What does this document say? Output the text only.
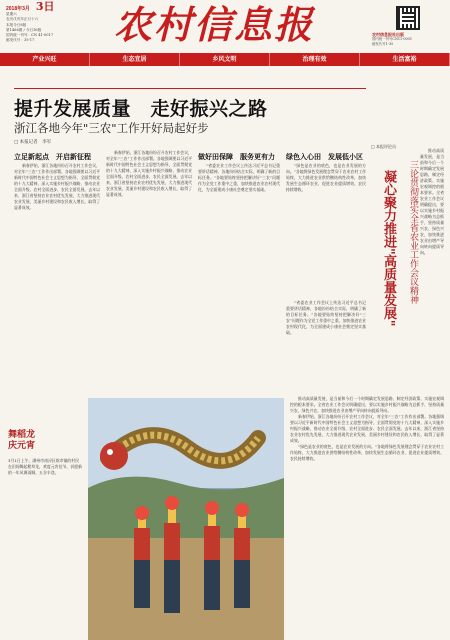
2018年3月 3日
星期六
农历戊戌年正月十六
本报今日8版
第1466期 / 今日16版
国内统一刊号：CN 41-0017
邮发代号：35-17	农村信息报	农村信息报社出版
国内统一刊号CN11-0001
邮发代号1-35
产业兴旺	生态宜居	乡风文明	治理有效	生活富裕
提升发展质量　走好振兴之路
浙江各地今年"三农"工作开好局起好步
□ 本报记者　李军
立足新起点　开启新征程

新春伊始，浙江各地纷纷召开农村工作会议，对全年“三农”工作作出部署。各地强调要以习近平新时代中国特色社会主义思想为指导，全面贯彻党的十九大精神，深入实施乡村振兴战略，推动农业全面升级、农村全面进步、农民全面发展。去年以来，浙江省坚持农业农村优先发展，大力推进现代农业发展、美丽乡村建设和农民收入增长，取得了显著成效。

新春伊始，浙江各地纷纷召开农村工作会议，对全年“三农”工作作出部署。各地强调要以习近平新时代中国特色社会主义思想为指导，全面贯彻党的十九大精神，深入实施乡村振兴战略，推动农业全面升级、农村全面进步、农民全面发展。去年以来，浙江省坚持农业农村优先发展，大力推进现代农业发展、美丽乡村建设和农民收入增长，取得了显著成效。

做好田保障　服务更有力

“省委农业工作会议上传达习近平总书记重要讲话精神，各地纷纷结合实际，明确了新的目标任务。”各地要始终坚持把解决好“三农”问题作为全党工作重中之重，加快推进农业农村现代化，为全面建成小康社会奠定坚实基础。

绿色入心田　发展低小区

“绿色是农业的底色，也是农业发展的方向。”各地将绿色发展理念贯穿于农业农村工作始终，大力推进农业供给侧结构性改革，加快发展生态循环农业，促进农业提质增效、农民持续增收。

“省委农业工作会议上传达习近平总书记重要讲话精神，各地纷纷结合实际，明确了新的目标任务。”各地要始终坚持把解决好“三农”问题作为全党工作重中之重，加快推进农业农村现代化，为全面建成小康社会奠定坚实基础。

舞稻龙
庆元宵
3月1日上午，湖州市南浔区练市镇的村民在田间舞起稻草龙，欢度元宵佳节，祈愿新的一年风调雨顺、五谷丰登。
□ 本报评论员
凝心聚力推进"高质量发展"	三论贯彻落实全省农业工作会议精神

推动高质量发展，是当前和今后一个时期确定发展思路、制定经济政策、实施宏观调控的根本要求。全省农业工作会议明确提出，要以实施乡村振兴战略为总抓手，坚持质量兴农、绿色兴农，加快推进农业由增产导向转向提质导向。

推动高质量发展，是当前和今后一个时期确定发展思路、制定经济政策、实施宏观调控的根本要求。全省农业工作会议明确提出，要以实施乡村振兴战略为总抓手，坚持质量兴农、绿色兴农，加快推进农业由增产导向转向提质导向。

新春伊始，浙江各地纷纷召开农村工作会议，对全年“三农”工作作出部署。各地强调要以习近平新时代中国特色社会主义思想为指导，全面贯彻党的十九大精神，深入实施乡村振兴战略，推动农业全面升级、农村全面进步、农民全面发展。去年以来，浙江省坚持农业农村优先发展，大力推进现代农业发展、美丽乡村建设和农民收入增长，取得了显著成效。

“绿色是农业的底色，也是农业发展的方向。”各地将绿色发展理念贯穿于农业农村工作始终，大力推进农业供给侧结构性改革，加快发展生态循环农业，促进农业提质增效、农民持续增收。
